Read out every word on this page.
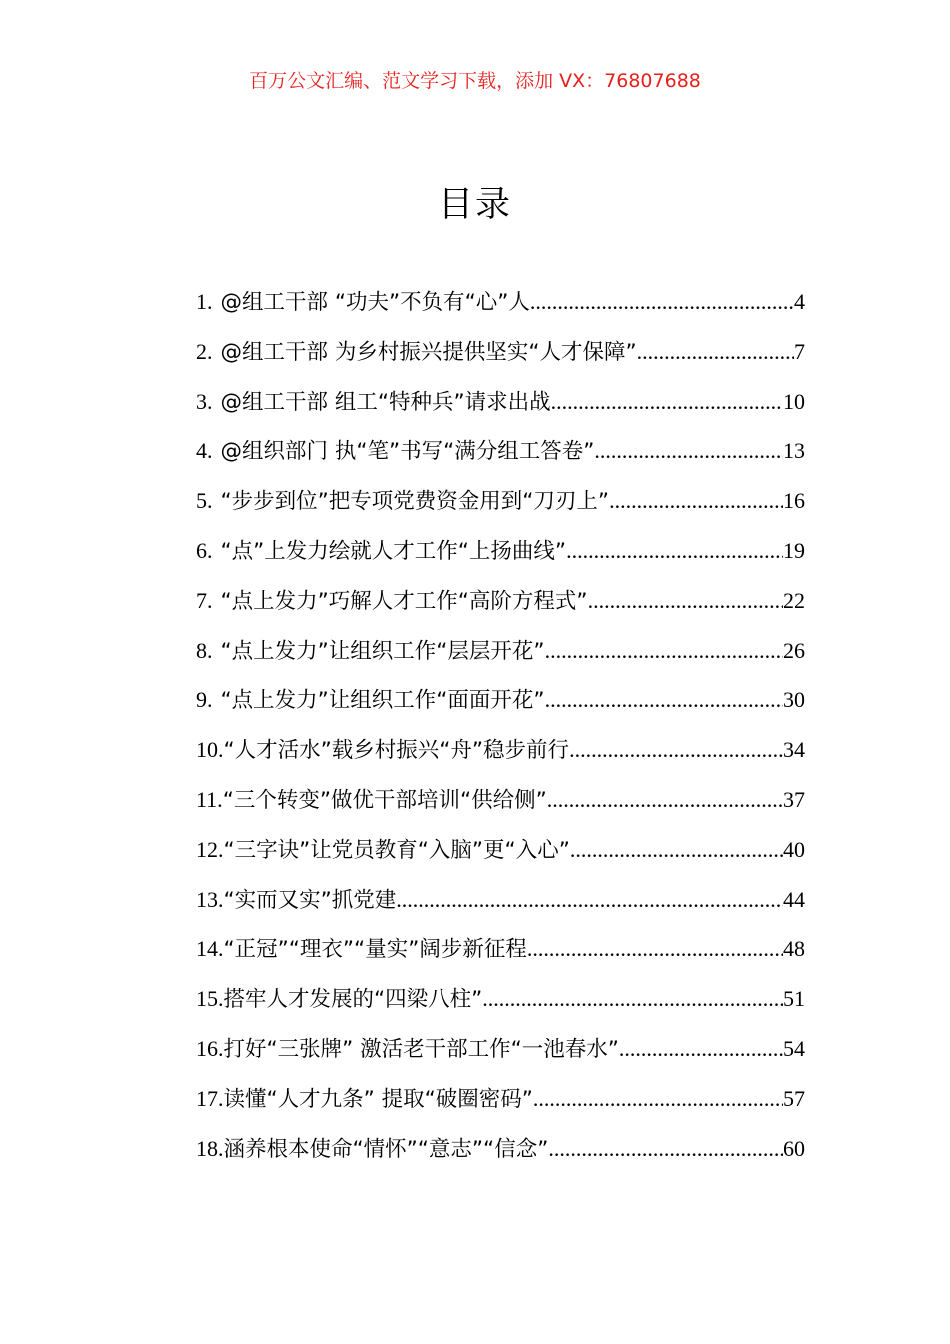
百万公文汇编、范文学习下载，添加 VX：76807688
目录
1. @组工干部 “功夫”不负有“心”人 .....	4
2. @组工干部 为乡村振兴提供坚实“人才保障” .....	7
3. @组工干部 组工“特种兵”请求出战 .....	10
4. @组织部门 执“笔”书写“满分组工答卷” .....	13
5. “步步到位”把专项党费资金用到“刀刃上” .....	16
6. “点”上发力绘就人才工作“上扬曲线” .....	19
7. “点上发力”巧解人才工作“高阶方程式” .....	22
8. “点上发力”让组织工作“层层开花” .....	26
9. “点上发力”让组织工作“面面开花” .....	30
10. “人才活水”载乡村振兴“舟”稳步前行 .....	34
11. “三个转变”做优干部培训“供给侧” .....	37
12. “三字诀”让党员教育“入脑”更“入心” .....	40
13. “实而又实”抓党建 .....	44
14. “正冠”“理衣”“量实”阔步新征程 .....	48
15. 搭牢人才发展的“四梁八柱” .....	51
16. 打好“三张牌” 激活老干部工作“一池春水” .....	54
17. 读懂“人才九条” 提取“破圈密码” .....	57
18. 涵养根本使命“情怀”“意志”“信念” .....	60
